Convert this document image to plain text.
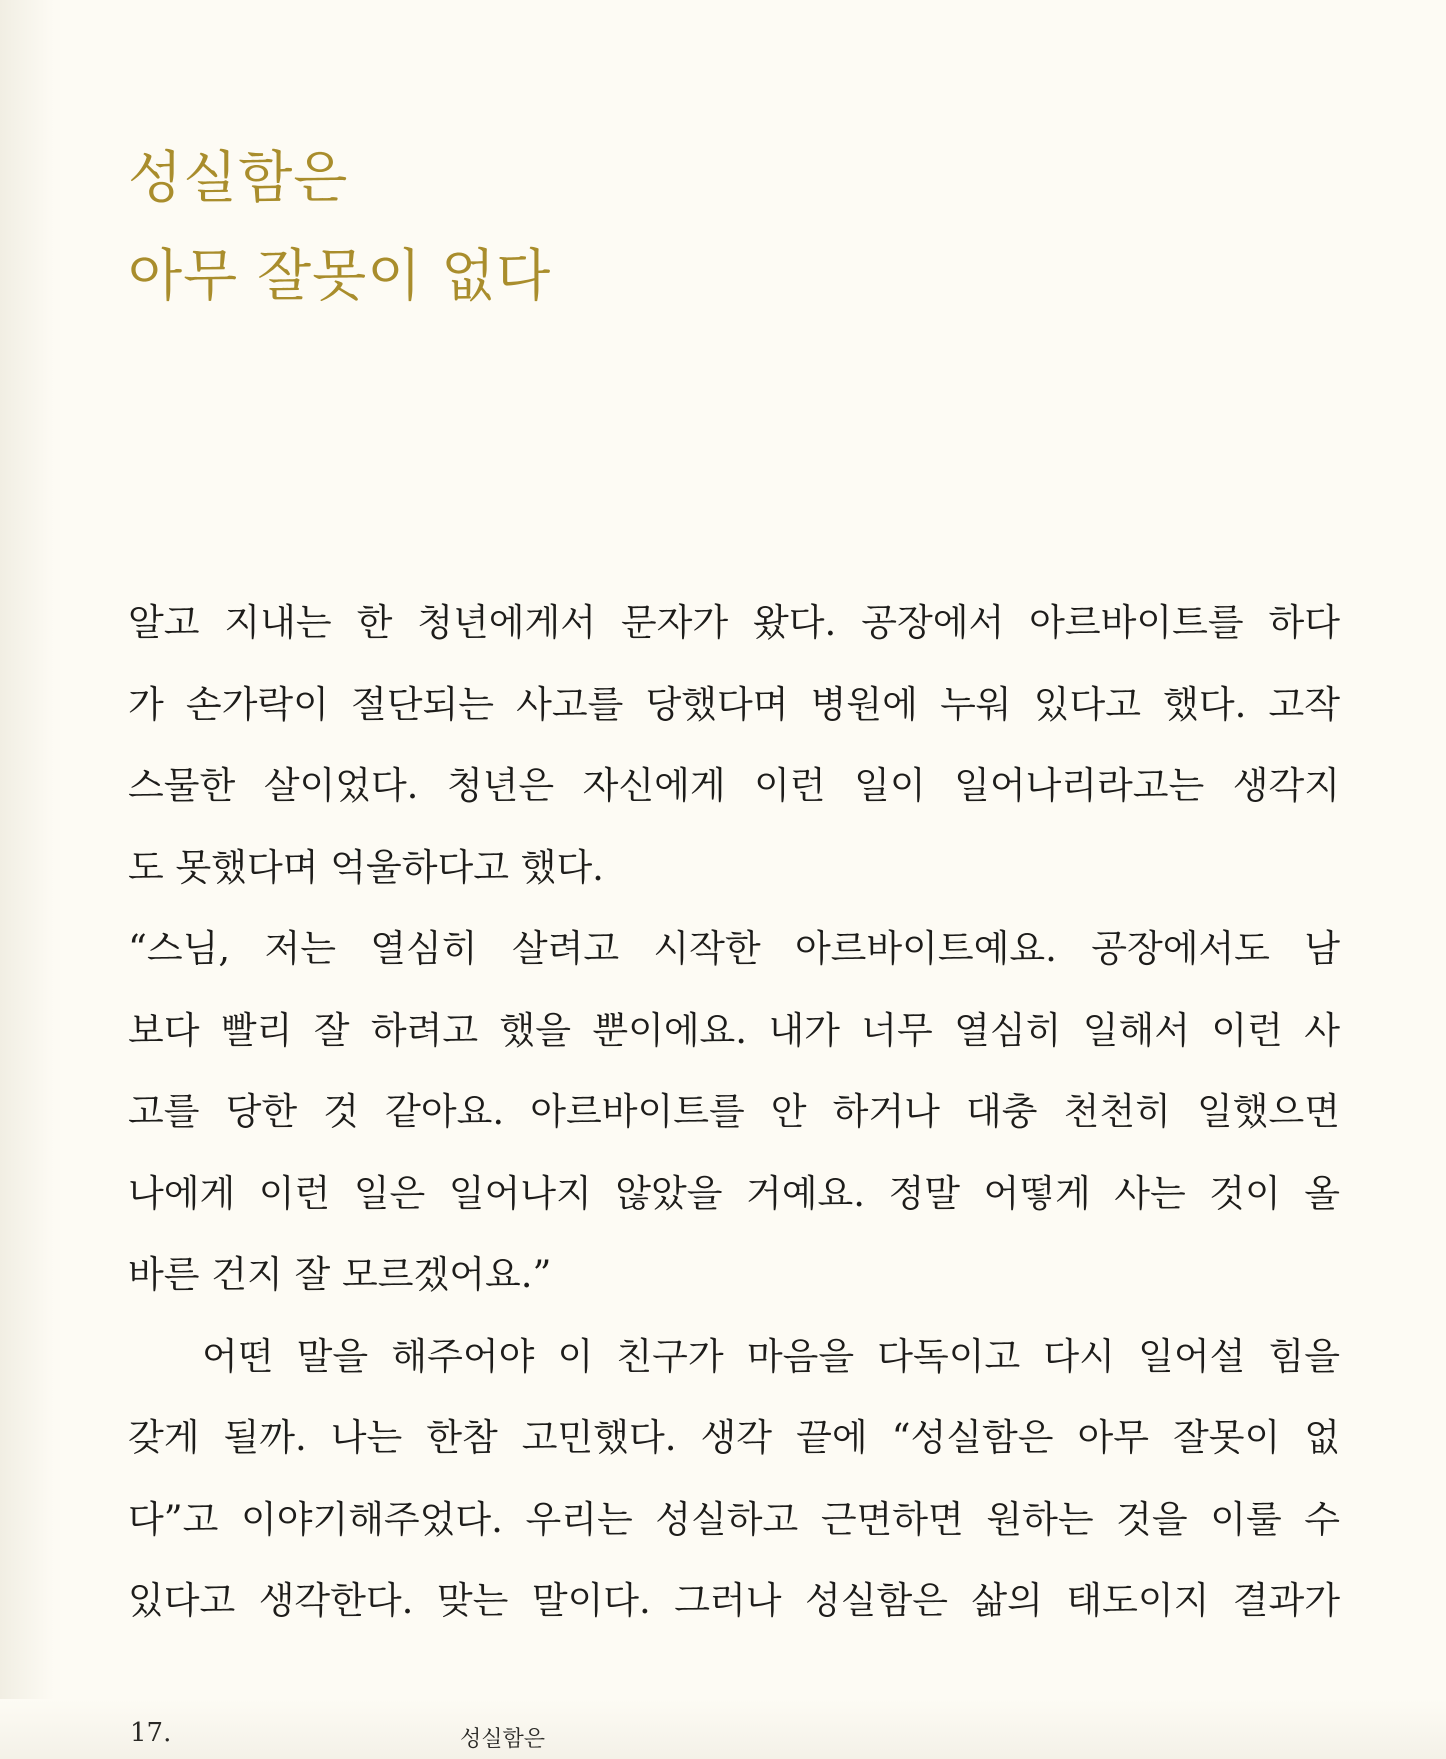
성실함은
아무 잘못이 없다
알고 지내는 한 청년에게서 문자가 왔다. 공장에서 아르바이트를 하다
가 손가락이 절단되는 사고를 당했다며 병원에 누워 있다고 했다. 고작
스물한 살이었다. 청년은 자신에게 이런 일이 일어나리라고는 생각지
도 못했다며 억울하다고 했다.
“스님, 저는 열심히 살려고 시작한 아르바이트예요. 공장에서도 남
보다 빨리 잘 하려고 했을 뿐이에요. 내가 너무 열심히 일해서 이런 사
고를 당한 것 같아요. 아르바이트를 안 하거나 대충 천천히 일했으면
나에게 이런 일은 일어나지 않았을 거예요. 정말 어떻게 사는 것이 올
바른 건지 잘 모르겠어요.”
어떤 말을 해주어야 이 친구가 마음을 다독이고 다시 일어설 힘을
갖게 될까. 나는 한참 고민했다. 생각 끝에 “성실함은 아무 잘못이 없
다”고 이야기해주었다. 우리는 성실하고 근면하면 원하는 것을 이룰 수
있다고 생각한다. 맞는 말이다. 그러나 성실함은 삶의 태도이지 결과가
17.	성실함은
